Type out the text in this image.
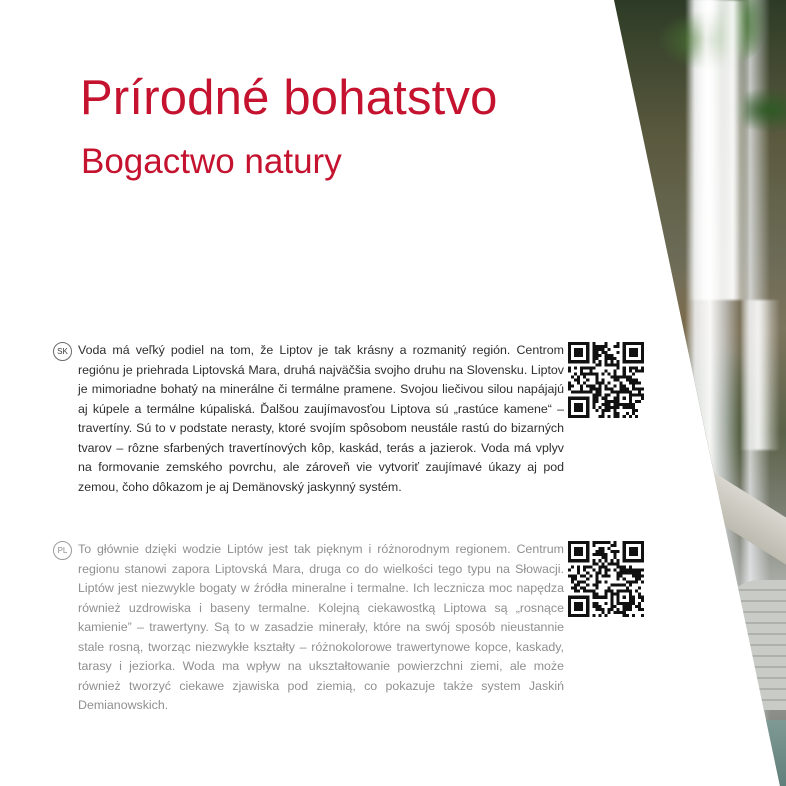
Prírodné bohatstvo
Bogactwo natury
SK Voda má veľký podiel na tom, že Liptov je tak krásny a rozmanitý región. Centrom regiónu je priehrada Liptovská Mara, druhá najväčšia svojho druhu na Slovensku. Liptov je mimoriadne bohatý na minerálne či termálne pramene. Svojou liečivou silou napájajú aj kúpele a termálne kúpaliská. Ďalšou zaujímavosťou Liptova sú „rastúce kamene“ – travertíny. Sú to v podstate nerasty, ktoré svojím spôsobom neustále rastú do bizarných tvarov – rôzne sfarbených travertínových kôp, kaskád, terás a jazierok. Voda má vplyv na formovanie zemského povrchu, ale zároveň vie vytvoriť zaujímavé úkazy aj pod zemou, čoho dôkazom je aj Demänovský jaskynný systém.

PL To głównie dzięki wodzie Liptów jest tak pięknym i różnorodnym regionem. Centrum regionu stanowi zapora Liptovská Mara, druga co do wielkości tego typu na Słowacji. Liptów jest niezwykle bogaty w źródła mineralne i termalne. Ich lecznicza moc napędza również uzdrowiska i baseny termalne. Kolejną ciekawostką Liptowa są „rosnące kamienie” – trawertyny. Są to w zasadzie minerały, które na swój sposób nieustannie stale rosną, tworząc niezwykłe kształty – różnokolorowe trawertynowe kopce, kaskady, tarasy i jeziorka. Woda ma wpływ na ukształtowanie powierzchni ziemi, ale może również tworzyć ciekawe zjawiska pod ziemią, co pokazuje także system Jaskiń Demianowskich.
